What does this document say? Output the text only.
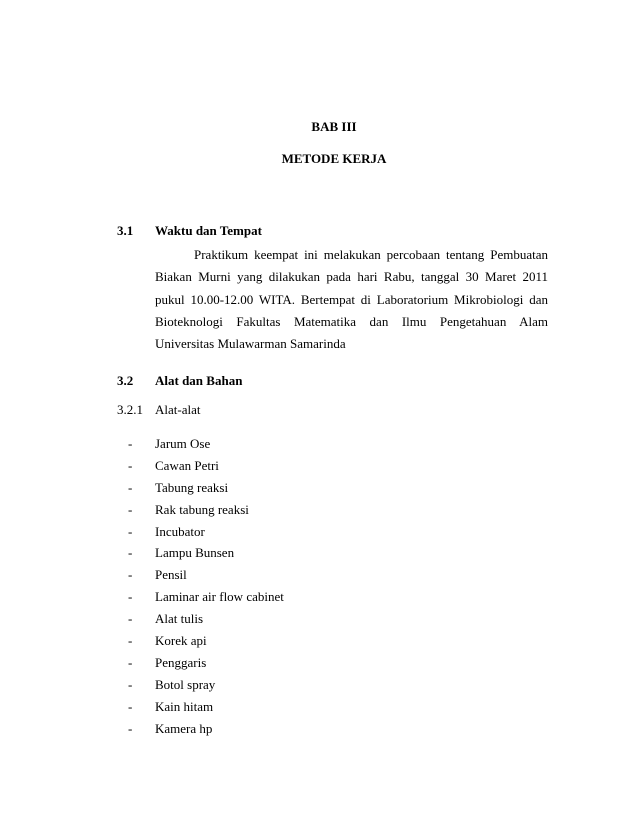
BAB III
METODE KERJA
3.1 Waktu dan Tempat

Praktikum keempat ini melakukan percobaan tentang Pembuatan Biakan Murni yang dilakukan pada hari Rabu, tanggal 30 Maret 2011 pukul 10.00-12.00 WITA. Bertempat di Laboratorium Mikrobiologi dan Bioteknologi Fakultas Matematika dan Ilmu Pengetahuan Alam Universitas Mulawarman Samarinda

3.2 Alat dan Bahan
3.2.1 Alat-alat
- Jarum Ose
- Cawan Petri
- Tabung reaksi
- Rak tabung reaksi
- Incubator
- Lampu Bunsen
- Pensil
- Laminar air flow cabinet
- Alat tulis
- Korek api
- Penggaris
- Botol spray
- Kain hitam
- Kamera hp
